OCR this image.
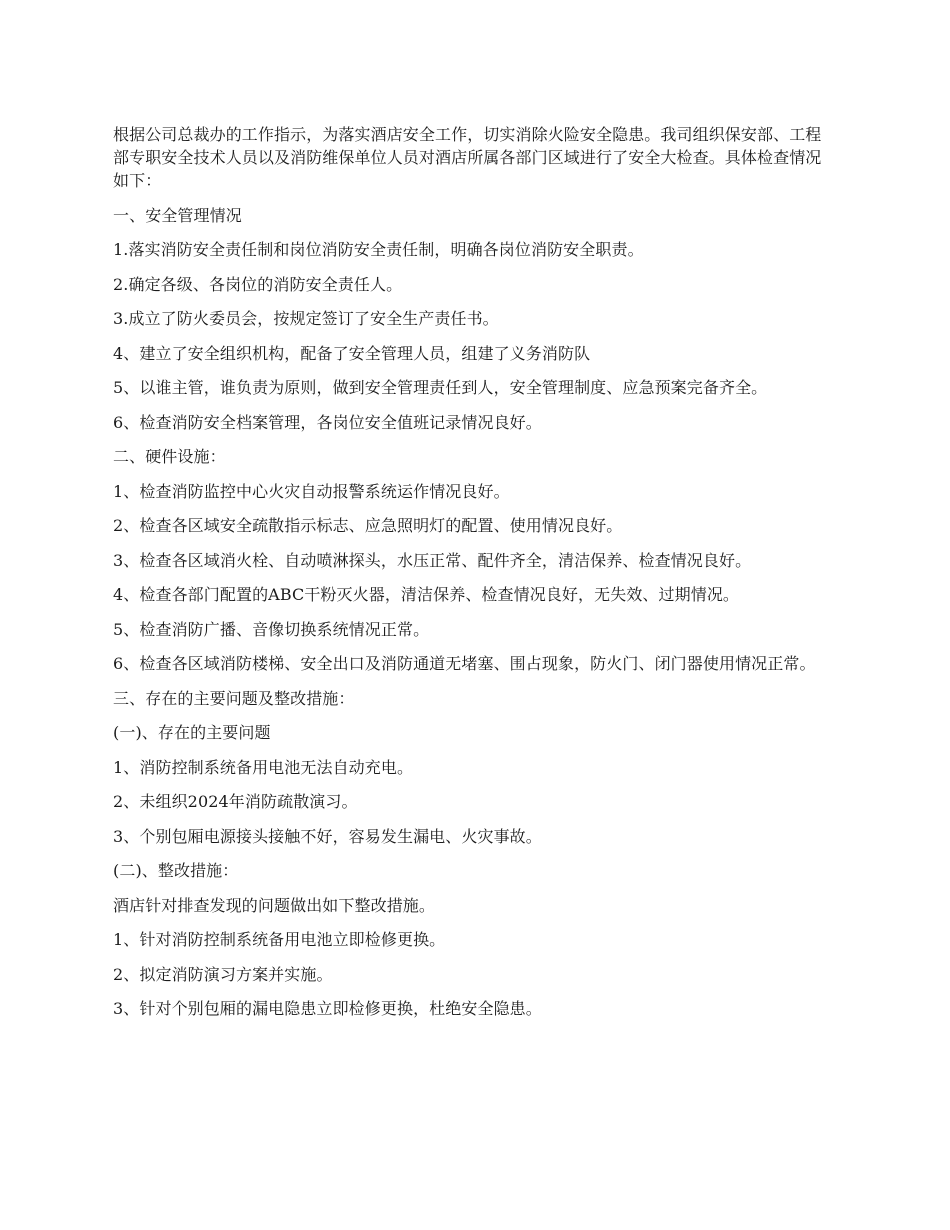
根据公司总裁办的工作指示，为落实酒店安全工作，切实消除火险安全隐患。我司组织保安部、工程部专职安全技术人员以及消防维保单位人员对酒店所属各部门区域进行了安全大检查。具体检查情况如下：

一、安全管理情况

1.落实消防安全责任制和岗位消防安全责任制，明确各岗位消防安全职责。

2.确定各级、各岗位的消防安全责任人。

3.成立了防火委员会，按规定签订了安全生产责任书。

4、建立了安全组织机构，配备了安全管理人员，组建了义务消防队

5、以谁主管，谁负责为原则，做到安全管理责任到人，安全管理制度、应急预案完备齐全。

6、检查消防安全档案管理，各岗位安全值班记录情况良好。

二、硬件设施：

1、检查消防监控中心火灾自动报警系统运作情况良好。

2、检查各区域安全疏散指示标志、应急照明灯的配置、使用情况良好。

3、检查各区域消火栓、自动喷淋探头，水压正常、配件齐全，清洁保养、检查情况良好。

4、检查各部门配置的ABC干粉灭火器，清洁保养、检查情况良好，无失效、过期情况。

5、检查消防广播、音像切换系统情况正常。

6、检查各区域消防楼梯、安全出口及消防通道无堵塞、围占现象，防火门、闭门器使用情况正常。

三、存在的主要问题及整改措施：

(一)、存在的主要问题

1、消防控制系统备用电池无法自动充电。

2、未组织2024年消防疏散演习。

3、个别包厢电源接头接触不好，容易发生漏电、火灾事故。

(二)、整改措施：

酒店针对排查发现的问题做出如下整改措施。

1、针对消防控制系统备用电池立即检修更换。

2、拟定消防演习方案并实施。

3、针对个别包厢的漏电隐患立即检修更换，杜绝安全隐患。
